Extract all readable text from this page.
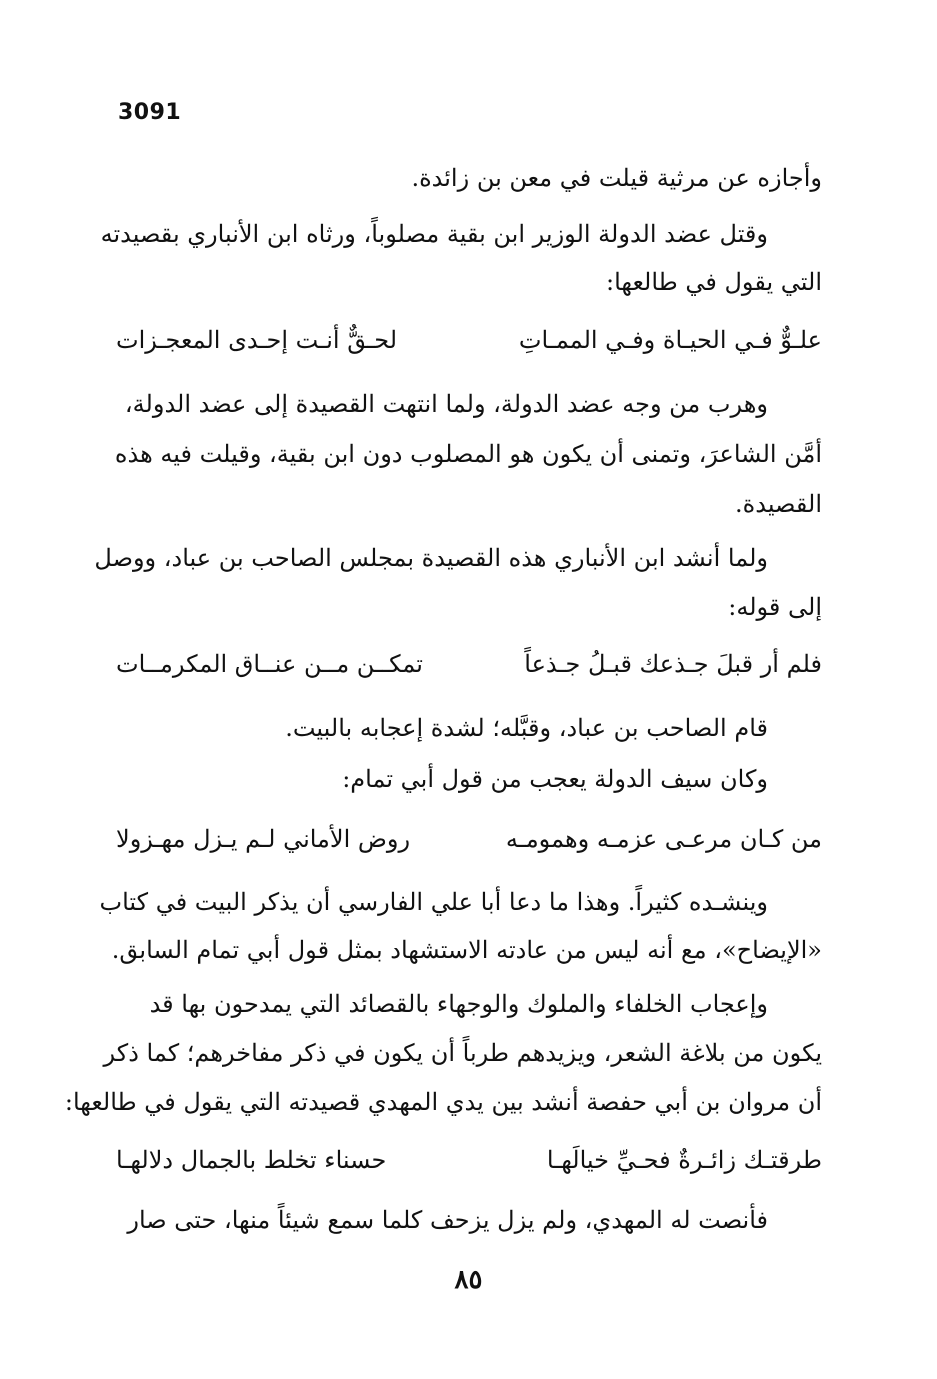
3091
وأجازه عن مرثية قيلت في معن بن زائدة.
وقتل عضد الدولة الوزير ابن بقية مصلوباً، ورثاه ابن الأنباري بقصيدته
التي يقول في طالعها:
علـوٌّ فـي الحيـاة وفـي الممـاتِ
لحـقٌّ أنـت إحـدى المعجـزات
وهرب من وجه عضد الدولة، ولما انتهت القصيدة إلى عضد الدولة،
أمَّن الشاعرَ، وتمنى أن يكون هو المصلوب دون ابن بقية، وقيلت فيه هذه
القصيدة.
ولما أنشد ابن الأنباري هذه القصيدة بمجلس الصاحب بن عباد، ووصل
إلى قوله:
فلم أر قبلَ جـذعك قبـلُ جـذعاً
تمكــن مــن عنــاق المكرمــات
قام الصاحب بن عباد، وقبَّله؛ لشدة إعجابه بالبيت.
وكان سيف الدولة يعجب من قول أبي تمام:
من كـان مرعـى عزمـه وهمومـه
روض الأماني لـم يـزل مهـزولا
وينشـده كثيراً. وهذا ما دعا أبا علي الفارسي أن يذكر البيت في كتاب
«الإيضاح»، مع أنه ليس من عادته الاستشهاد بمثل قول أبي تمام السابق.
وإعجاب الخلفاء والملوك والوجهاء بالقصائد التي يمدحون بها قد
يكون من بلاغة الشعر، ويزيدهم طرباً أن يكون في ذكر مفاخرهم؛ كما ذكر
أن مروان بن أبي حفصة أنشد بين يدي المهدي قصيدته التي يقول في طالعها:
طرقتـك زائـرةٌ فحـيِّ خيالَهـا
حسناء تخلط بالجمال دلالهـا
فأنصت له المهدي، ولم يزل يزحف كلما سمع شيئاً منها، حتى صار
٨٥
